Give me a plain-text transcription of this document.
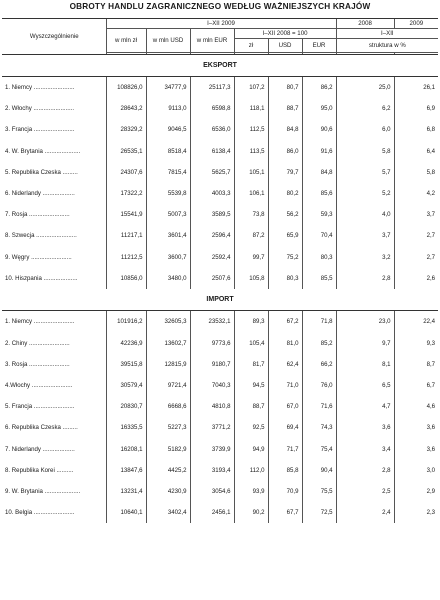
OBROTY HANDLU ZAGRANICZNEGO WEDŁUG WAŻNIEJSZYCH KRAJÓW
Wyszczególnienie	I–XII 2009						2008	2009
	w mln zł	w mln USD	w mln EUR	I–XII 2008 = 100			I–XII	
				zł	USD	EUR	struktura w %	

EKSPORT								
1. Niemcy ........................	108826,0	34777,9	25117,3	107,2	80,7	86,2	25,0	26,1
2. Włochy ........................	28643,2	9113,0	6598,8	118,1	88,7	95,0	6,2	6,9
3. Francja ........................	28329,2	9046,5	6536,0	112,5	84,8	90,6	6,0	6,8
4. W. Brytania .....................	26535,1	8518,4	6138,4	113,5	86,0	91,6	5,8	6,4
5. Republika Czeska .........	24307,6	7815,4	5625,7	105,1	79,7	84,8	5,7	5,8
6. Niderlandy ...................	17322,2	5539,8	4003,3	106,1	80,2	85,6	5,2	4,2
7. Rosja ........................	15541,9	5007,3	3589,5	73,8	56,2	59,3	4,0	3,7
8. Szwecja ........................	11217,1	3601,4	2596,4	87,2	65,9	70,4	3,7	2,7
9. Węgry ........................	11212,5	3600,7	2592,4	99,7	75,2	80,3	3,2	2,7
10. Hiszpania ....................	10856,0	3480,0	2507,6	105,8	80,3	85,5	2,8	2,6
IMPORT								
1. Niemcy ........................	101916,2	32605,3	23532,1	89,3	67,2	71,8	23,0	22,4
2. Chiny ........................	42236,9	13602,7	9773,6	105,4	81,0	85,2	9,7	9,3
3. Rosja ........................	39515,8	12815,9	9180,7	81,7	62,4	66,2	8,1	8,7
4.Włochy ........................	30579,4	9721,4	7040,3	94,5	71,0	76,0	6,5	6,7
5. Francja ........................	20830,7	6668,6	4810,8	88,7	67,0	71,6	4,7	4,6
6. Republika Czeska .........	16335,5	5227,3	3771,2	92,5	69,4	74,3	3,6	3,6
7. Niderlandy ...................	16208,1	5182,9	3739,9	94,9	71,7	75,4	3,4	3,6
8. Republika Korei ..........	13847,6	4425,2	3193,4	112,0	85,8	90,4	2,8	3,0
9. W. Brytania .....................	13231,4	4230,9	3054,6	93,9	70,9	75,5	2,5	2,9
10. Belgia ........................	10640,1	3402,4	2456,1	90,2	67,7	72,5	2,4	2,3
